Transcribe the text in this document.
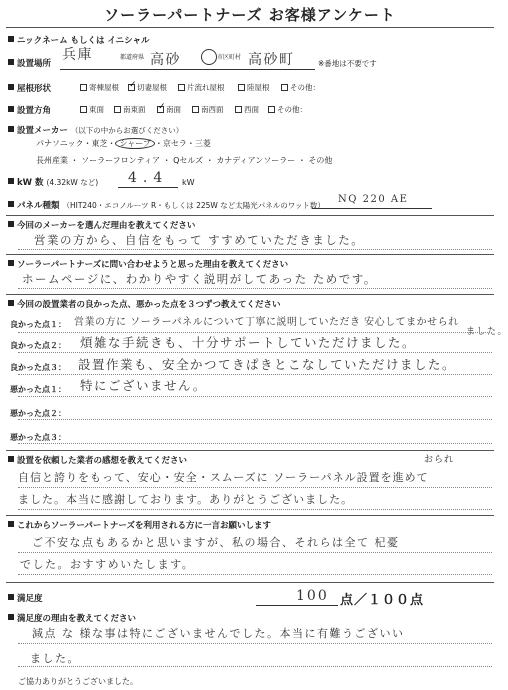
ソーラーパートナーズ お客様アンケート
ニックネーム もしくは イニシャル
兵庫
設置場所
都道府県 高砂 ○ 市区町村 高砂町	※番地は不要です
屋根形状	寄棟屋根 ✓	切妻屋根	片流れ屋根	陸屋根	その他：
設置方角	東面	南東面 ✓	南面	南西面	西面	その他：
設置メーカー （以下の中からお選びください）
パナソニック・東芝・ シャープ ・京セラ・三菱
長州産業 ・ ソーラーフロンティア ・ Qセルズ ・ カナディアンソーラー ・ その他
kW 数 (4.32kW など) 4.4 kW
パネル種類 （HIT240・エコノルーツ R・もしくは 225W など太陽光パネルのワット数）
NQ 220 AE
今回のメーカーを選んだ理由を教えてください
営業の方から、自信をもって すすめていただきました。
ソーラーパートナーズに問い合わせようと思った理由を教えてください
ホームページに、わかりやすく説明がしてあった ためです。
今回の設置業者の良かった点、悪かった点を３つずつ教えてください
良かった点１： 営業の方に ソーラーパネルについて丁寧に説明していただき 安心してまかせられ
ました。
良かった点２： 煩雑な手続きも、十分サポートしていただけました。
良かった点３： 設置作業も、安全かつてきぱきとこなしていただけました。
悪かった点１： 特にございません。
悪かった点２：
悪かった点３：
設置を依頼した業者の感想を教えてください	おられ
自信と誇りをもって、安心・安全・スムーズに ソーラーパネル設置を進めて
ました。本当に感謝しております。ありがとうございました。
これからソーラーパートナーズを利用される方に一言お願いします
ご不安な点もあるかと思いますが、私の場合、それらは全て 杞憂
でした。おすすめいたします。
満足度	100 点／１００点
満足度の理由を教えてください
減点 な 様な事は特にございませんでした。本当に有難うございい
ました。
ご協力ありがとうございました。
